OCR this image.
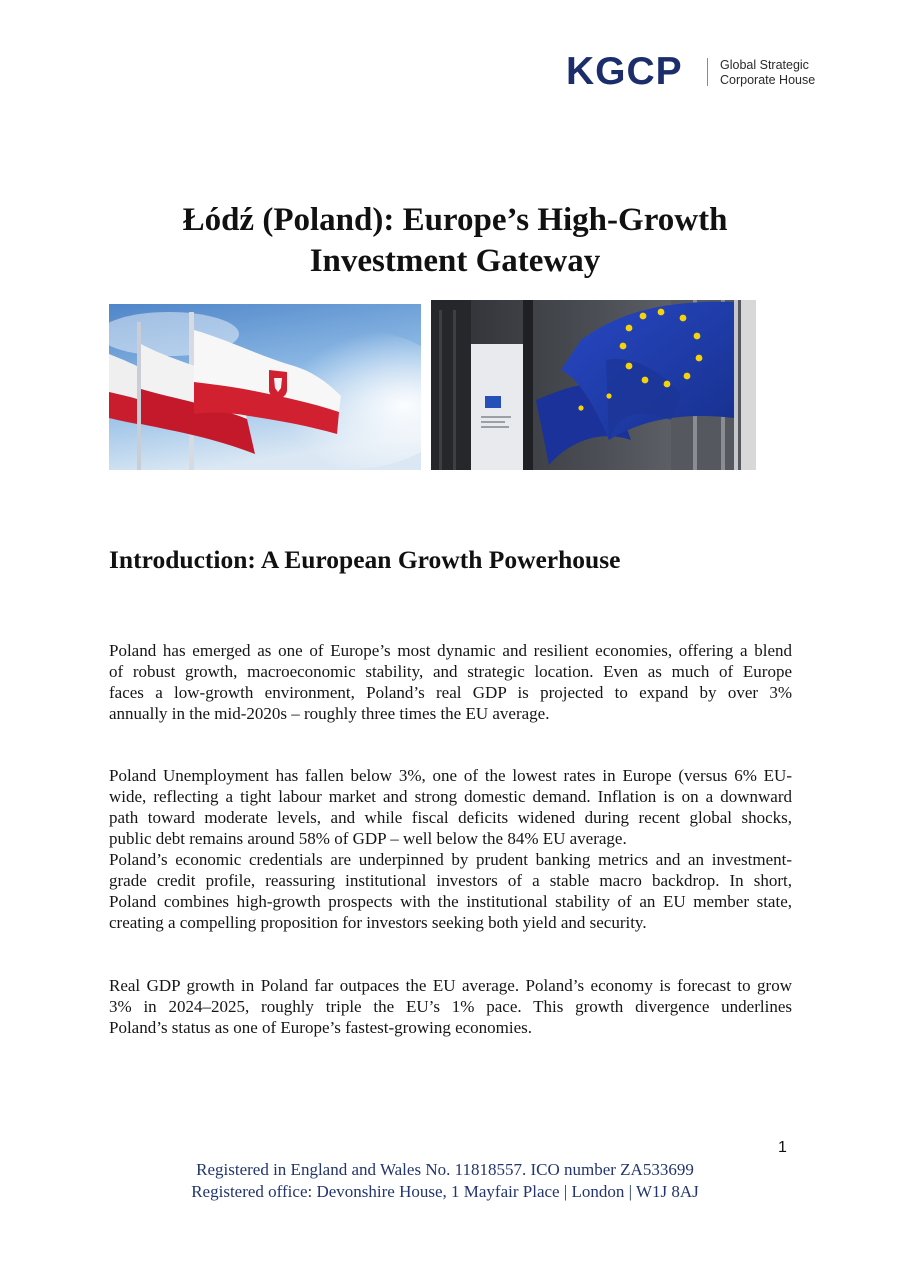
KGCP	Global Strategic
Corporate House
Łódź (Poland): Europe’s High-Growth
Investment Gateway
Introduction: A European Growth Powerhouse

Poland has emerged as one of Europe’s most dynamic and resilient economies, offering a blend
of robust growth, macroeconomic stability, and strategic location. Even as much of Europe
faces a low-growth environment, Poland’s real GDP is projected to expand by over 3%
annually in the mid-2020s – roughly three times the EU average.

Poland Unemployment has fallen below 3%, one of the lowest rates in Europe (versus 6% EU-
wide, reflecting a tight labour market and strong domestic demand. Inflation is on a downward
path toward moderate levels, and while fiscal deficits widened during recent global shocks,
public debt remains around 58% of GDP – well below the 84% EU average.
Poland’s economic credentials are underpinned by prudent banking metrics and an investment-
grade credit profile, reassuring institutional investors of a stable macro backdrop. In short,
Poland combines high-growth prospects with the institutional stability of an EU member state,
creating a compelling proposition for investors seeking both yield and security.

Real GDP growth in Poland far outpaces the EU average. Poland’s economy is forecast to grow
3% in 2024–2025, roughly triple the EU’s 1% pace. This growth divergence underlines
Poland’s status as one of Europe’s fastest-growing economies.

1
Registered in England and Wales No. 11818557. ICO number ZA533699
Registered office: Devonshire House, 1 Mayfair Place | London | W1J 8AJ
